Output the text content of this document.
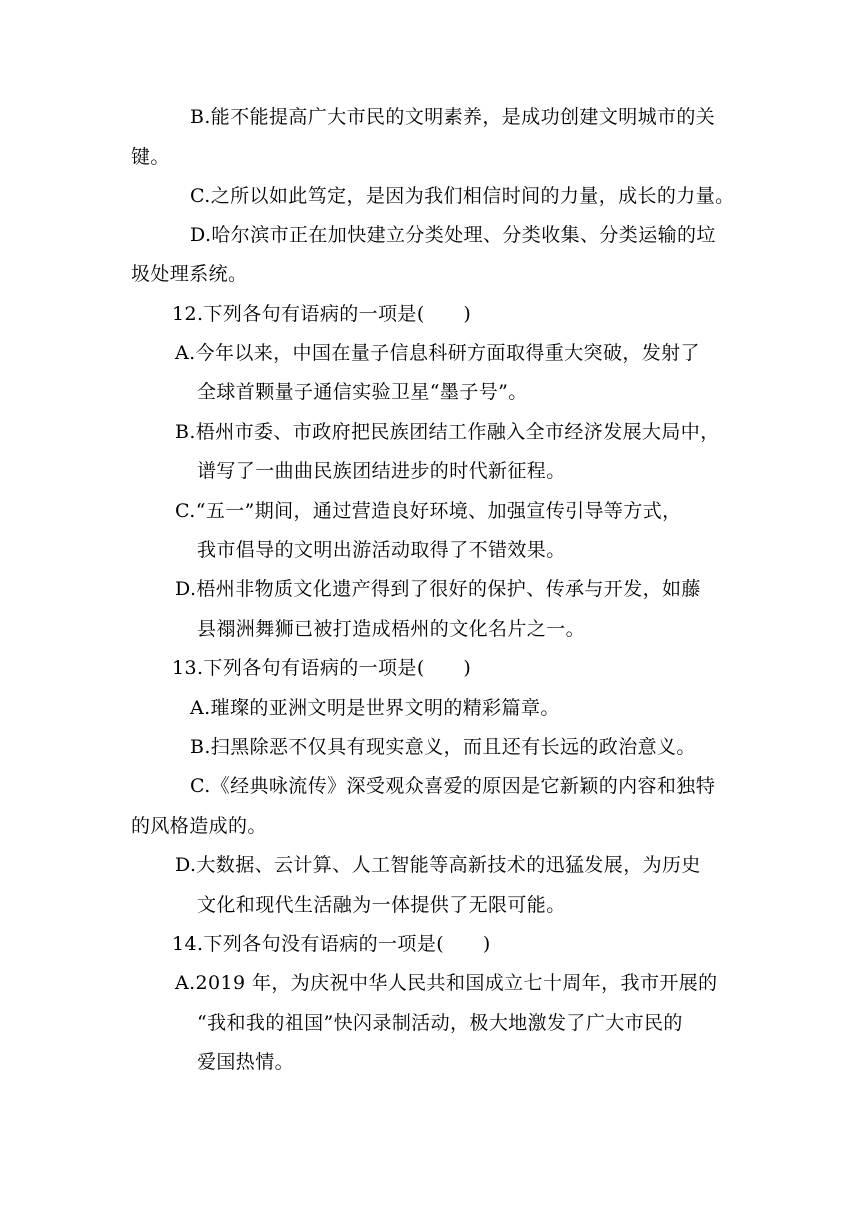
B.能不能提高广大市民的文明素养，是成功创建文明城市的关
键。
C.之所以如此笃定，是因为我们相信时间的力量，成长的力量。
D.哈尔滨市正在加快建立分类处理、分类收集、分类运输的垃
圾处理系统。
12.下列各句有语病的一项是(　　)
A.今年以来，中国在量子信息科研方面取得重大突破，发射了
全球首颗量子通信实验卫星“墨子号”。
B.梧州市委、市政府把民族团结工作融入全市经济发展大局中，
谱写了一曲曲民族团结进步的时代新征程。
C.“五一”期间，通过营造良好环境、加强宣传引导等方式，
我市倡导的文明出游活动取得了不错效果。
D.梧州非物质文化遗产得到了很好的保护、传承与开发，如藤
县禤洲舞狮已被打造成梧州的文化名片之一。
13.下列各句有语病的一项是(　　)
A.璀璨的亚洲文明是世界文明的精彩篇章。
B.扫黑除恶不仅具有现实意义，而且还有长远的政治意义。
C.《经典咏流传》深受观众喜爱的原因是它新颖的内容和独特
的风格造成的。
D.大数据、云计算、人工智能等高新技术的迅猛发展，为历史
文化和现代生活融为一体提供了无限可能。
14.下列各句没有语病的一项是(　　)
A.2019 年，为庆祝中华人民共和国成立七十周年，我市开展的
“我和我的祖国”快闪录制活动，极大地激发了广大市民的
爱国热情。
